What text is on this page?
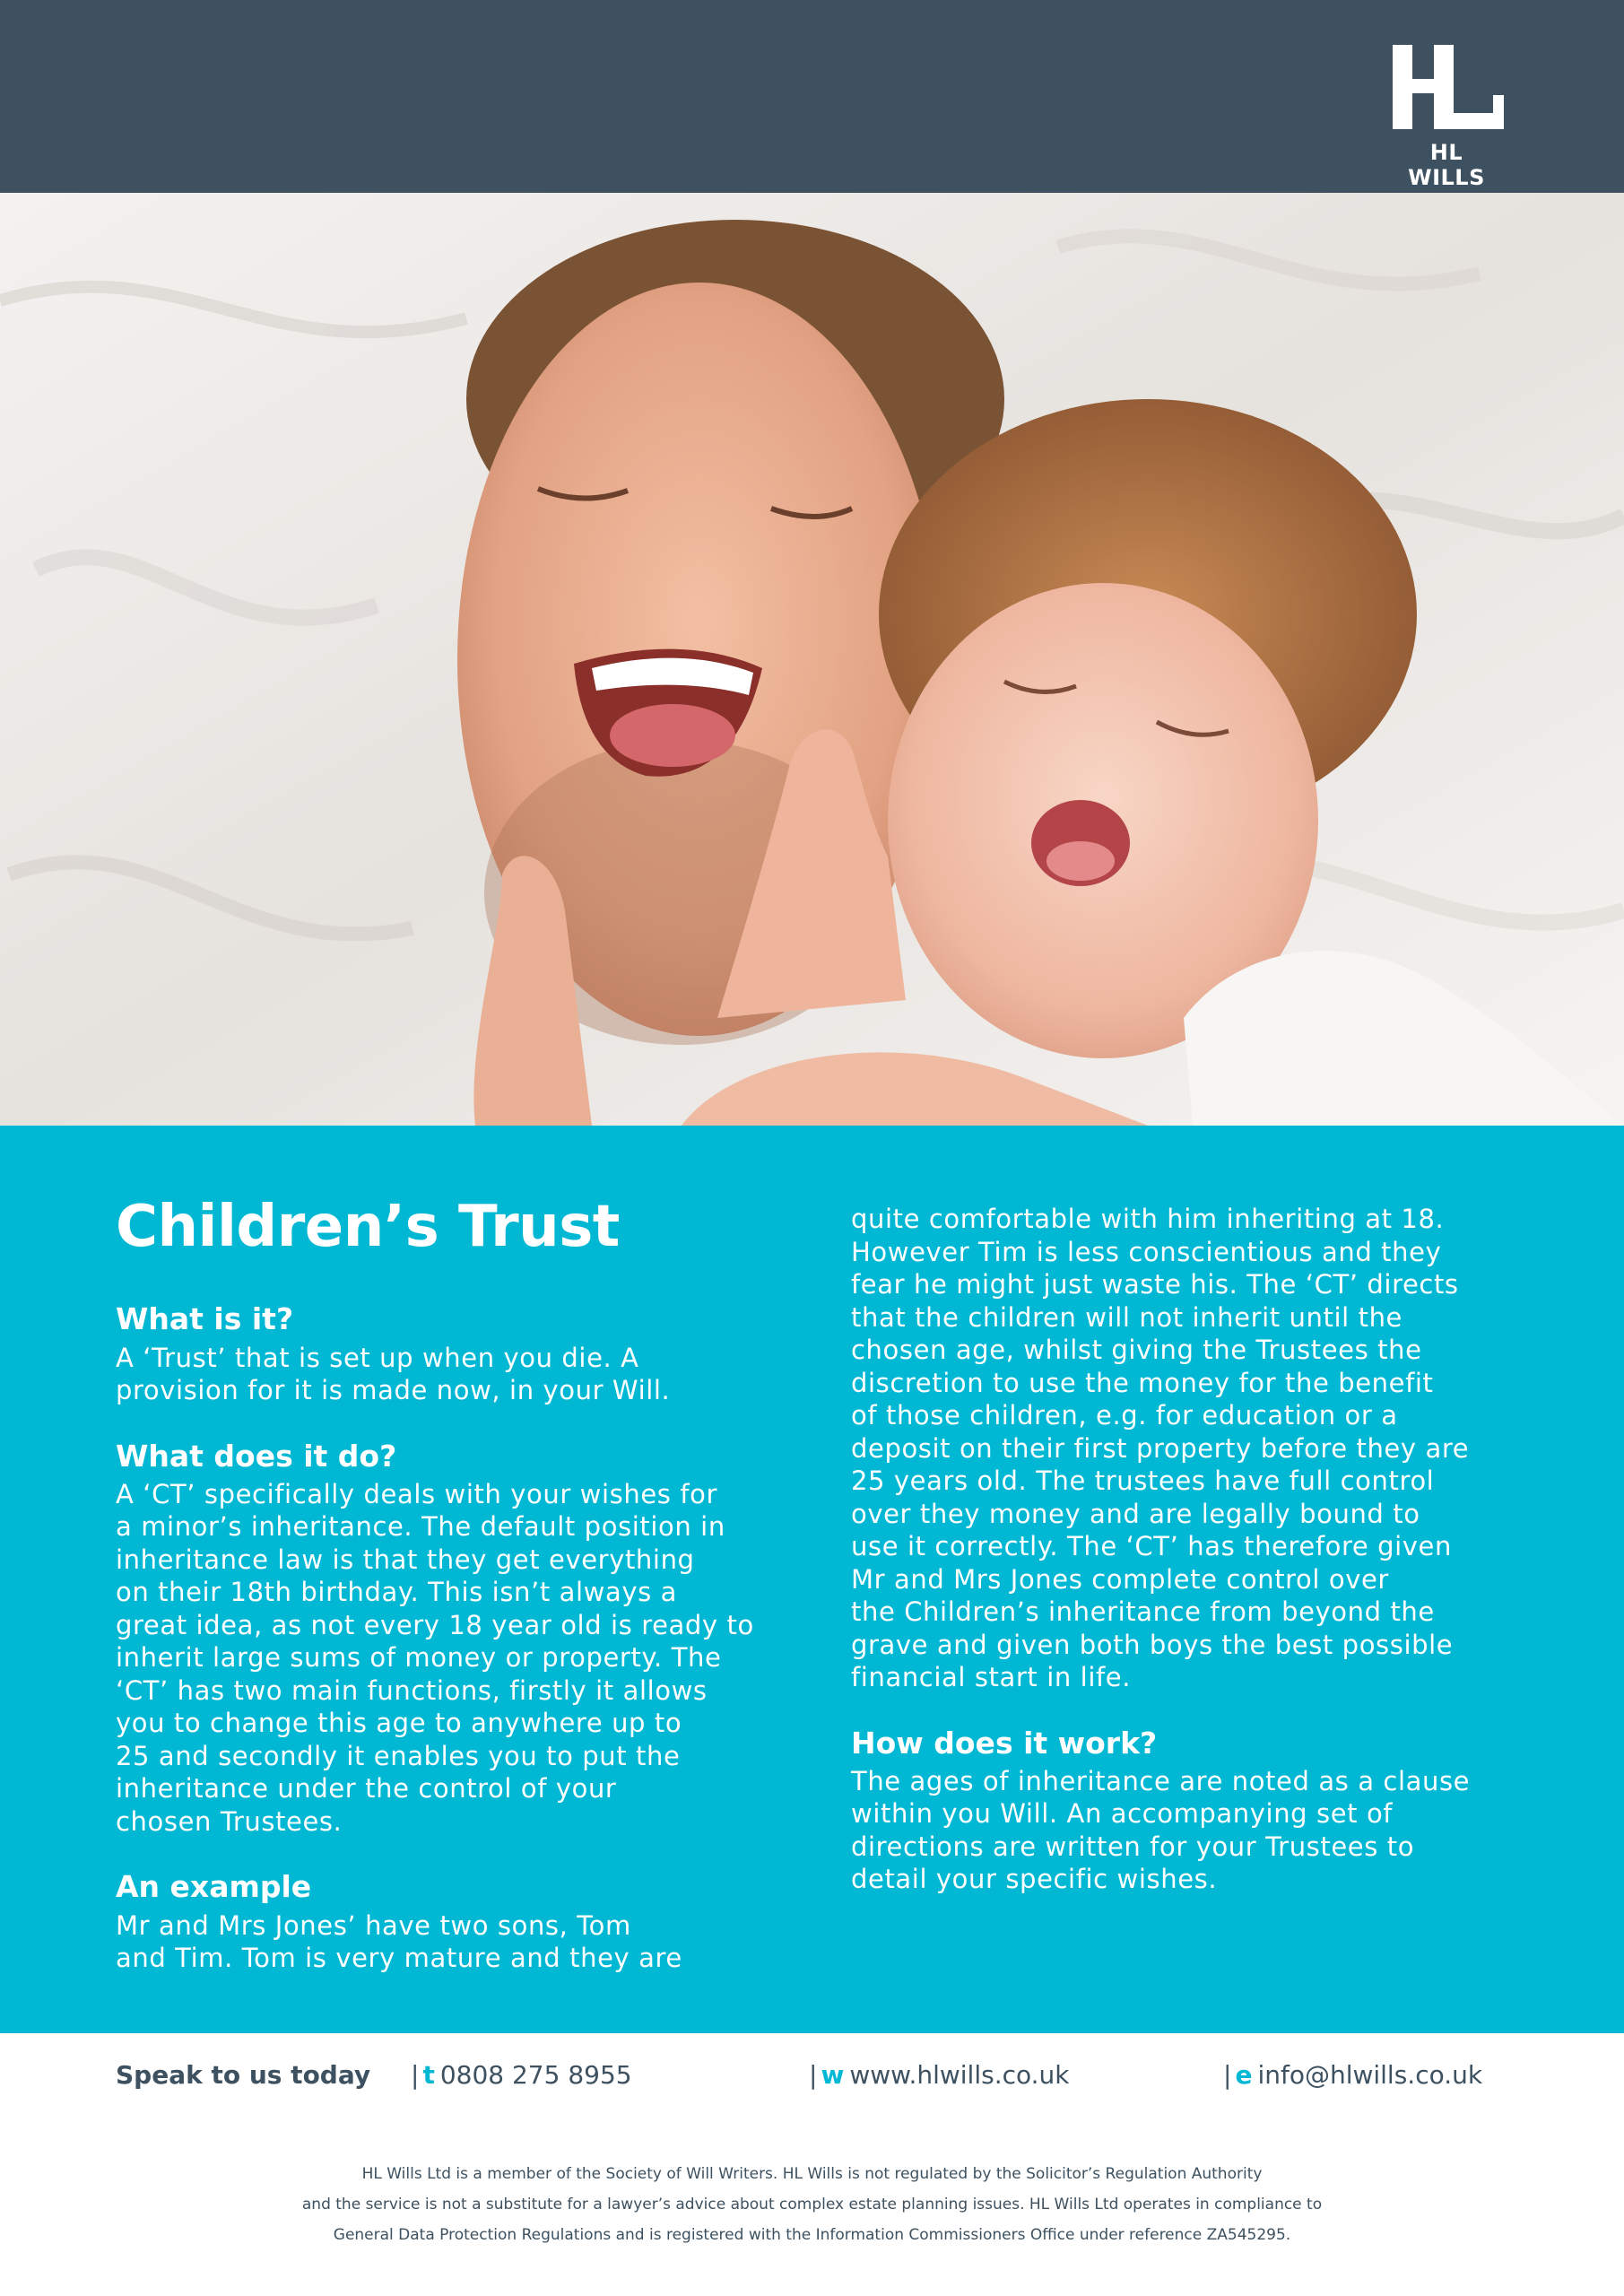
HL WILLS
Children’s Trust
What is it?
A ‘Trust’ that is set up when you die. A
provision for it is made now, in your Will.
What does it do?
A ‘CT’ specifically deals with your wishes for
a minor’s inheritance. The default position in
inheritance law is that they get everything
on their 18th birthday. This isn’t always a
great idea, as not every 18 year old is ready to
inherit large sums of money or property. The
‘CT’ has two main functions, firstly it allows
you to change this age to anywhere up to
25 and secondly it enables you to put the
inheritance under the control of your
chosen Trustees.
An example
Mr and Mrs Jones’ have two sons, Tom
and Tim. Tom is very mature and they are
quite comfortable with him inheriting at 18.
However Tim is less conscientious and they
fear he might just waste his. The ‘CT’ directs
that the children will not inherit until the
chosen age, whilst giving the Trustees the
discretion to use the money for the benefit
of those children, e.g. for education or a
deposit on their first property before they are
25 years old. The trustees have full control
over they money and are legally bound to
use it correctly. The ‘CT’ has therefore given
Mr and Mrs Jones complete control over
the Children’s inheritance from beyond the
grave and given both boys the best possible
financial start in life.
How does it work?
The ages of inheritance are noted as a clause
within you Will. An accompanying set of
directions are written for your Trustees to
detail your specific wishes.
Speak to us today | t 0808 275 8955	| w www.hlwills.co.uk	| e info@hlwills.co.uk
HL Wills Ltd is a member of the Society of Will Writers. HL Wills is not regulated by the Solicitor’s Regulation Authority
and the service is not a substitute for a lawyer’s advice about complex estate planning issues. HL Wills Ltd operates in compliance to
General Data Protection Regulations and is registered with the Information Commissioners Office under reference ZA545295.
